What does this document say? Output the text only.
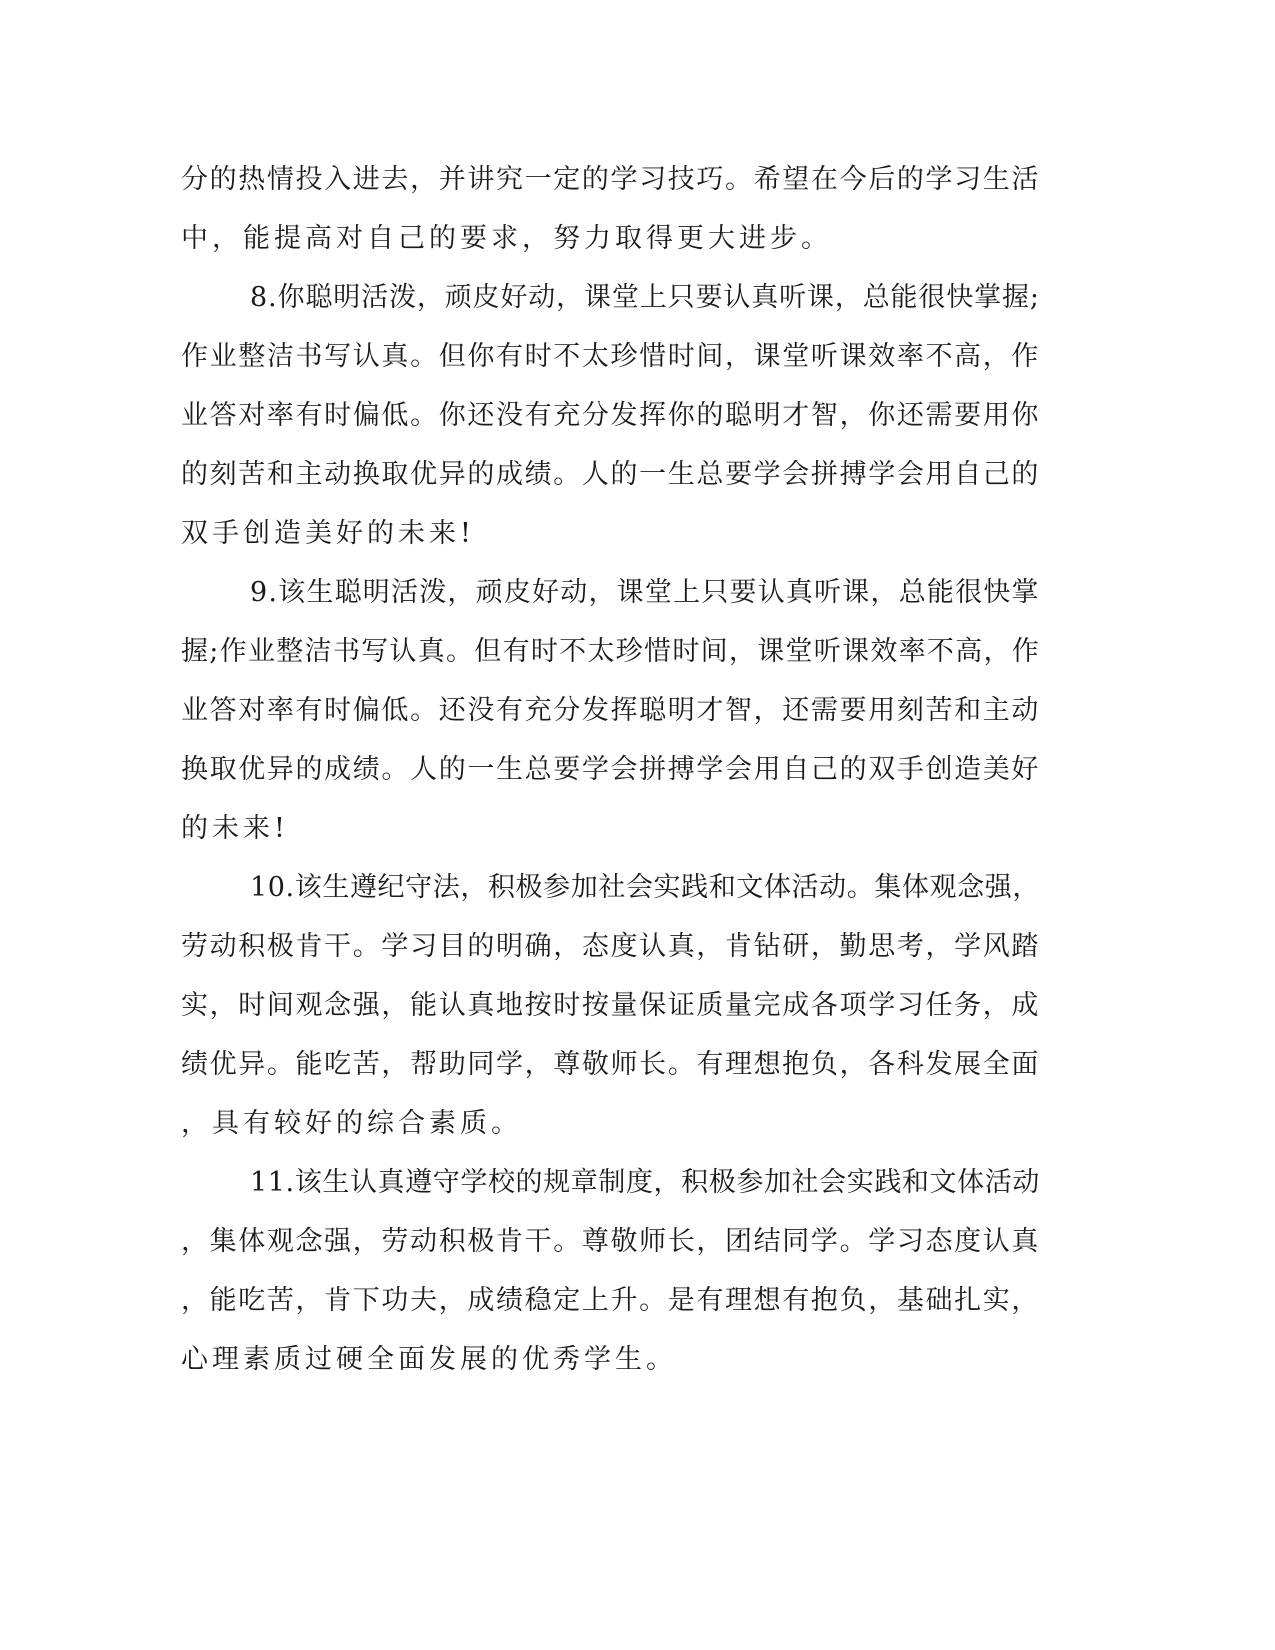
分的热情投入进去，并讲究一定的学习技巧。希望在今后的学习生活
中，能提高对自己的要求，努力取得更大进步。
8.你聪明活泼，顽皮好动，课堂上只要认真听课，总能很快掌握;
作业整洁书写认真。但你有时不太珍惜时间，课堂听课效率不高，作
业答对率有时偏低。你还没有充分发挥你的聪明才智，你还需要用你
的刻苦和主动换取优异的成绩。人的一生总要学会拼搏学会用自己的
双手创造美好的未来!
9.该生聪明活泼，顽皮好动，课堂上只要认真听课，总能很快掌
握;作业整洁书写认真。但有时不太珍惜时间，课堂听课效率不高，作
业答对率有时偏低。还没有充分发挥聪明才智，还需要用刻苦和主动
换取优异的成绩。人的一生总要学会拼搏学会用自己的双手创造美好
的未来!
10.该生遵纪守法，积极参加社会实践和文体活动。集体观念强，
劳动积极肯干。学习目的明确，态度认真，肯钻研，勤思考，学风踏
实，时间观念强，能认真地按时按量保证质量完成各项学习任务，成
绩优异。能吃苦，帮助同学，尊敬师长。有理想抱负，各科发展全面
，具有较好的综合素质。
11.该生认真遵守学校的规章制度，积极参加社会实践和文体活动
，集体观念强，劳动积极肯干。尊敬师长，团结同学。学习态度认真
，能吃苦，肯下功夫，成绩稳定上升。是有理想有抱负，基础扎实，
心理素质过硬全面发展的优秀学生。
